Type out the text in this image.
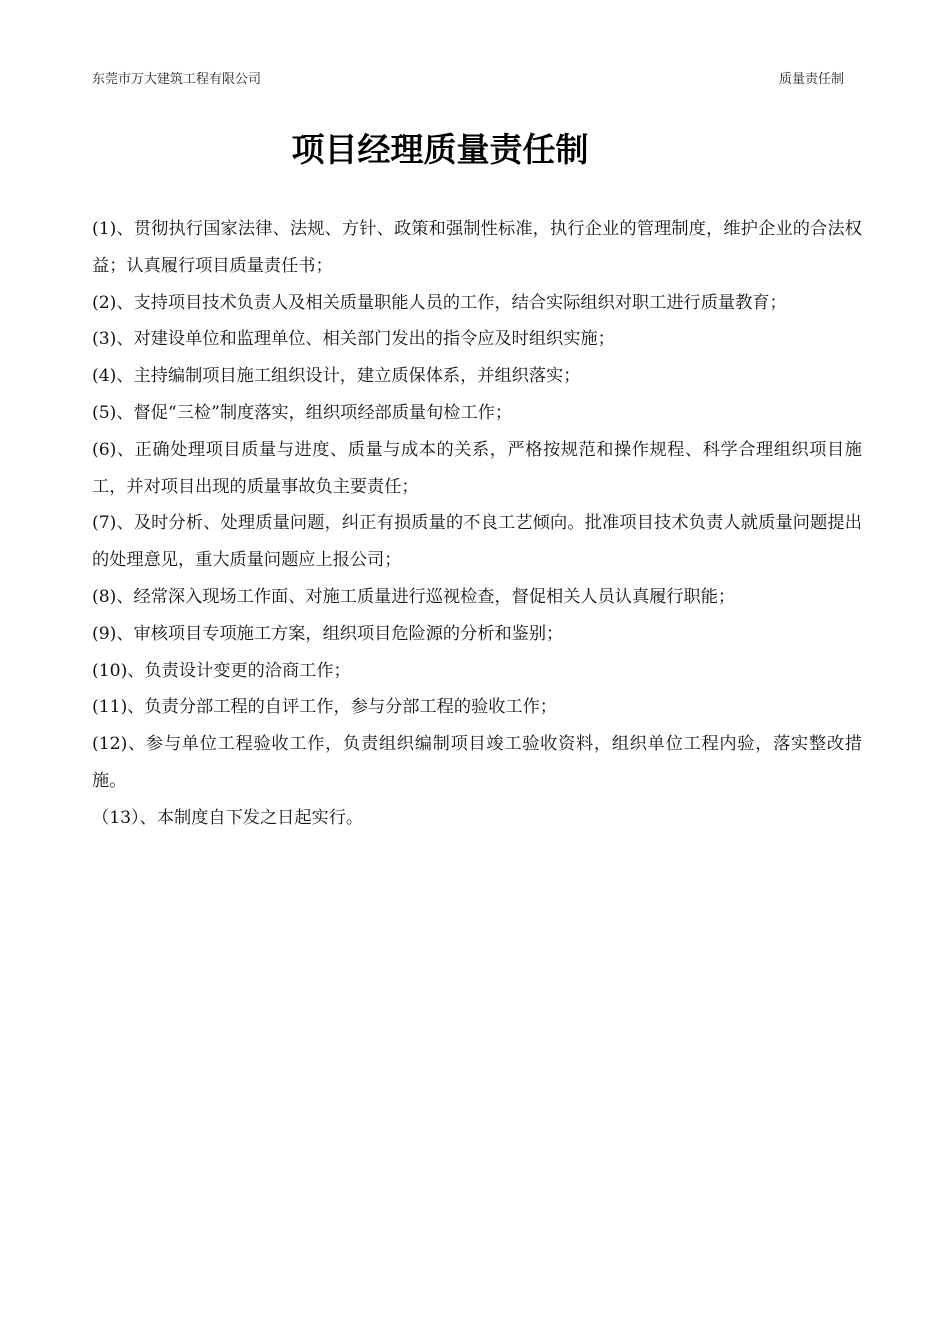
东莞市万大建筑工程有限公司	质量责任制
项目经理质量责任制

(1)、贯彻执行国家法律、法规、方针、政策和强制性标准，执行企业的管理制度，维护企业的合法权益；认真履行项目质量责任书；

(2)、支持项目技术负责人及相关质量职能人员的工作，结合实际组织对职工进行质量教育；

(3)、对建设单位和监理单位、相关部门发出的指令应及时组织实施；

(4)、主持编制项目施工组织设计，建立质保体系，并组织落实；

(5)、督促“三检”制度落实，组织项经部质量旬检工作；

(6)、正确处理项目质量与进度、质量与成本的关系，严格按规范和操作规程、科学合理组织项目施工，并对项目出现的质量事故负主要责任；

(7)、及时分析、处理质量问题，纠正有损质量的不良工艺倾向。批准项目技术负责人就质量问题提出的处理意见，重大质量问题应上报公司；

(8)、经常深入现场工作面、对施工质量进行巡视检查，督促相关人员认真履行职能；

(9)、审核项目专项施工方案，组织项目危险源的分析和鉴别；

(10)、负责设计变更的洽商工作；

(11)、负责分部工程的自评工作，参与分部工程的验收工作；

(12)、参与单位工程验收工作，负责组织编制项目竣工验收资料，组织单位工程内验，落实整改措施。

（13）、本制度自下发之日起实行。
